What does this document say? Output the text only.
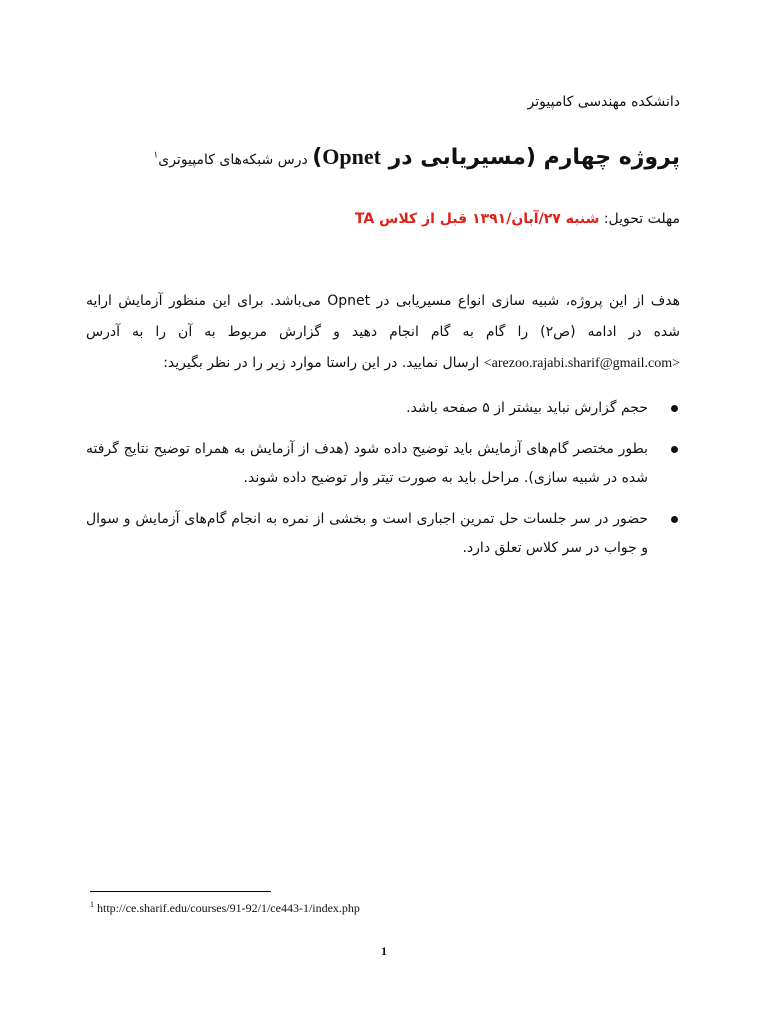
دانشکده مهندسی کامپیوتر
پروژه چهارم (مسیریابی در Opnet) درس شبکه‌های کامپیوتری$^۱$
مهلت تحویل: شنبه ۲۷/آبان/۱۳۹۱ قبل از کلاس TA
هدف از این پروژه، شبیه سازی انواع مسیریابی در Opnet می‌باشد. برای این منظور آزمایش ارایه شده در ادامه (ص۲) را گام به گام انجام دهید و گزارش مربوط به آن را به آدرس <arezoo.rajabi.sharif@gmail.com> ارسال نمایید. در این راستا موارد زیر را در نظر بگیرید:
حجم گزارش نباید بیشتر از ۵ صفحه باشد.
بطور مختصر گام‌های آزمایش باید توضیح داده شود (هدف از آزمایش به همراه توضیح نتایج گرفته شده در شبیه سازی). مراحل باید به صورت تیتر وار توضیح داده شوند.
حضور در سر جلسات حل تمرین اجباری است و بخشی از نمره به انجام گام‌های آزمایش و سوال و جواب در سر کلاس تعلق دارد.
$^1$ http://ce.sharif.edu/courses/91-92/1/ce443-1/index.php
1
